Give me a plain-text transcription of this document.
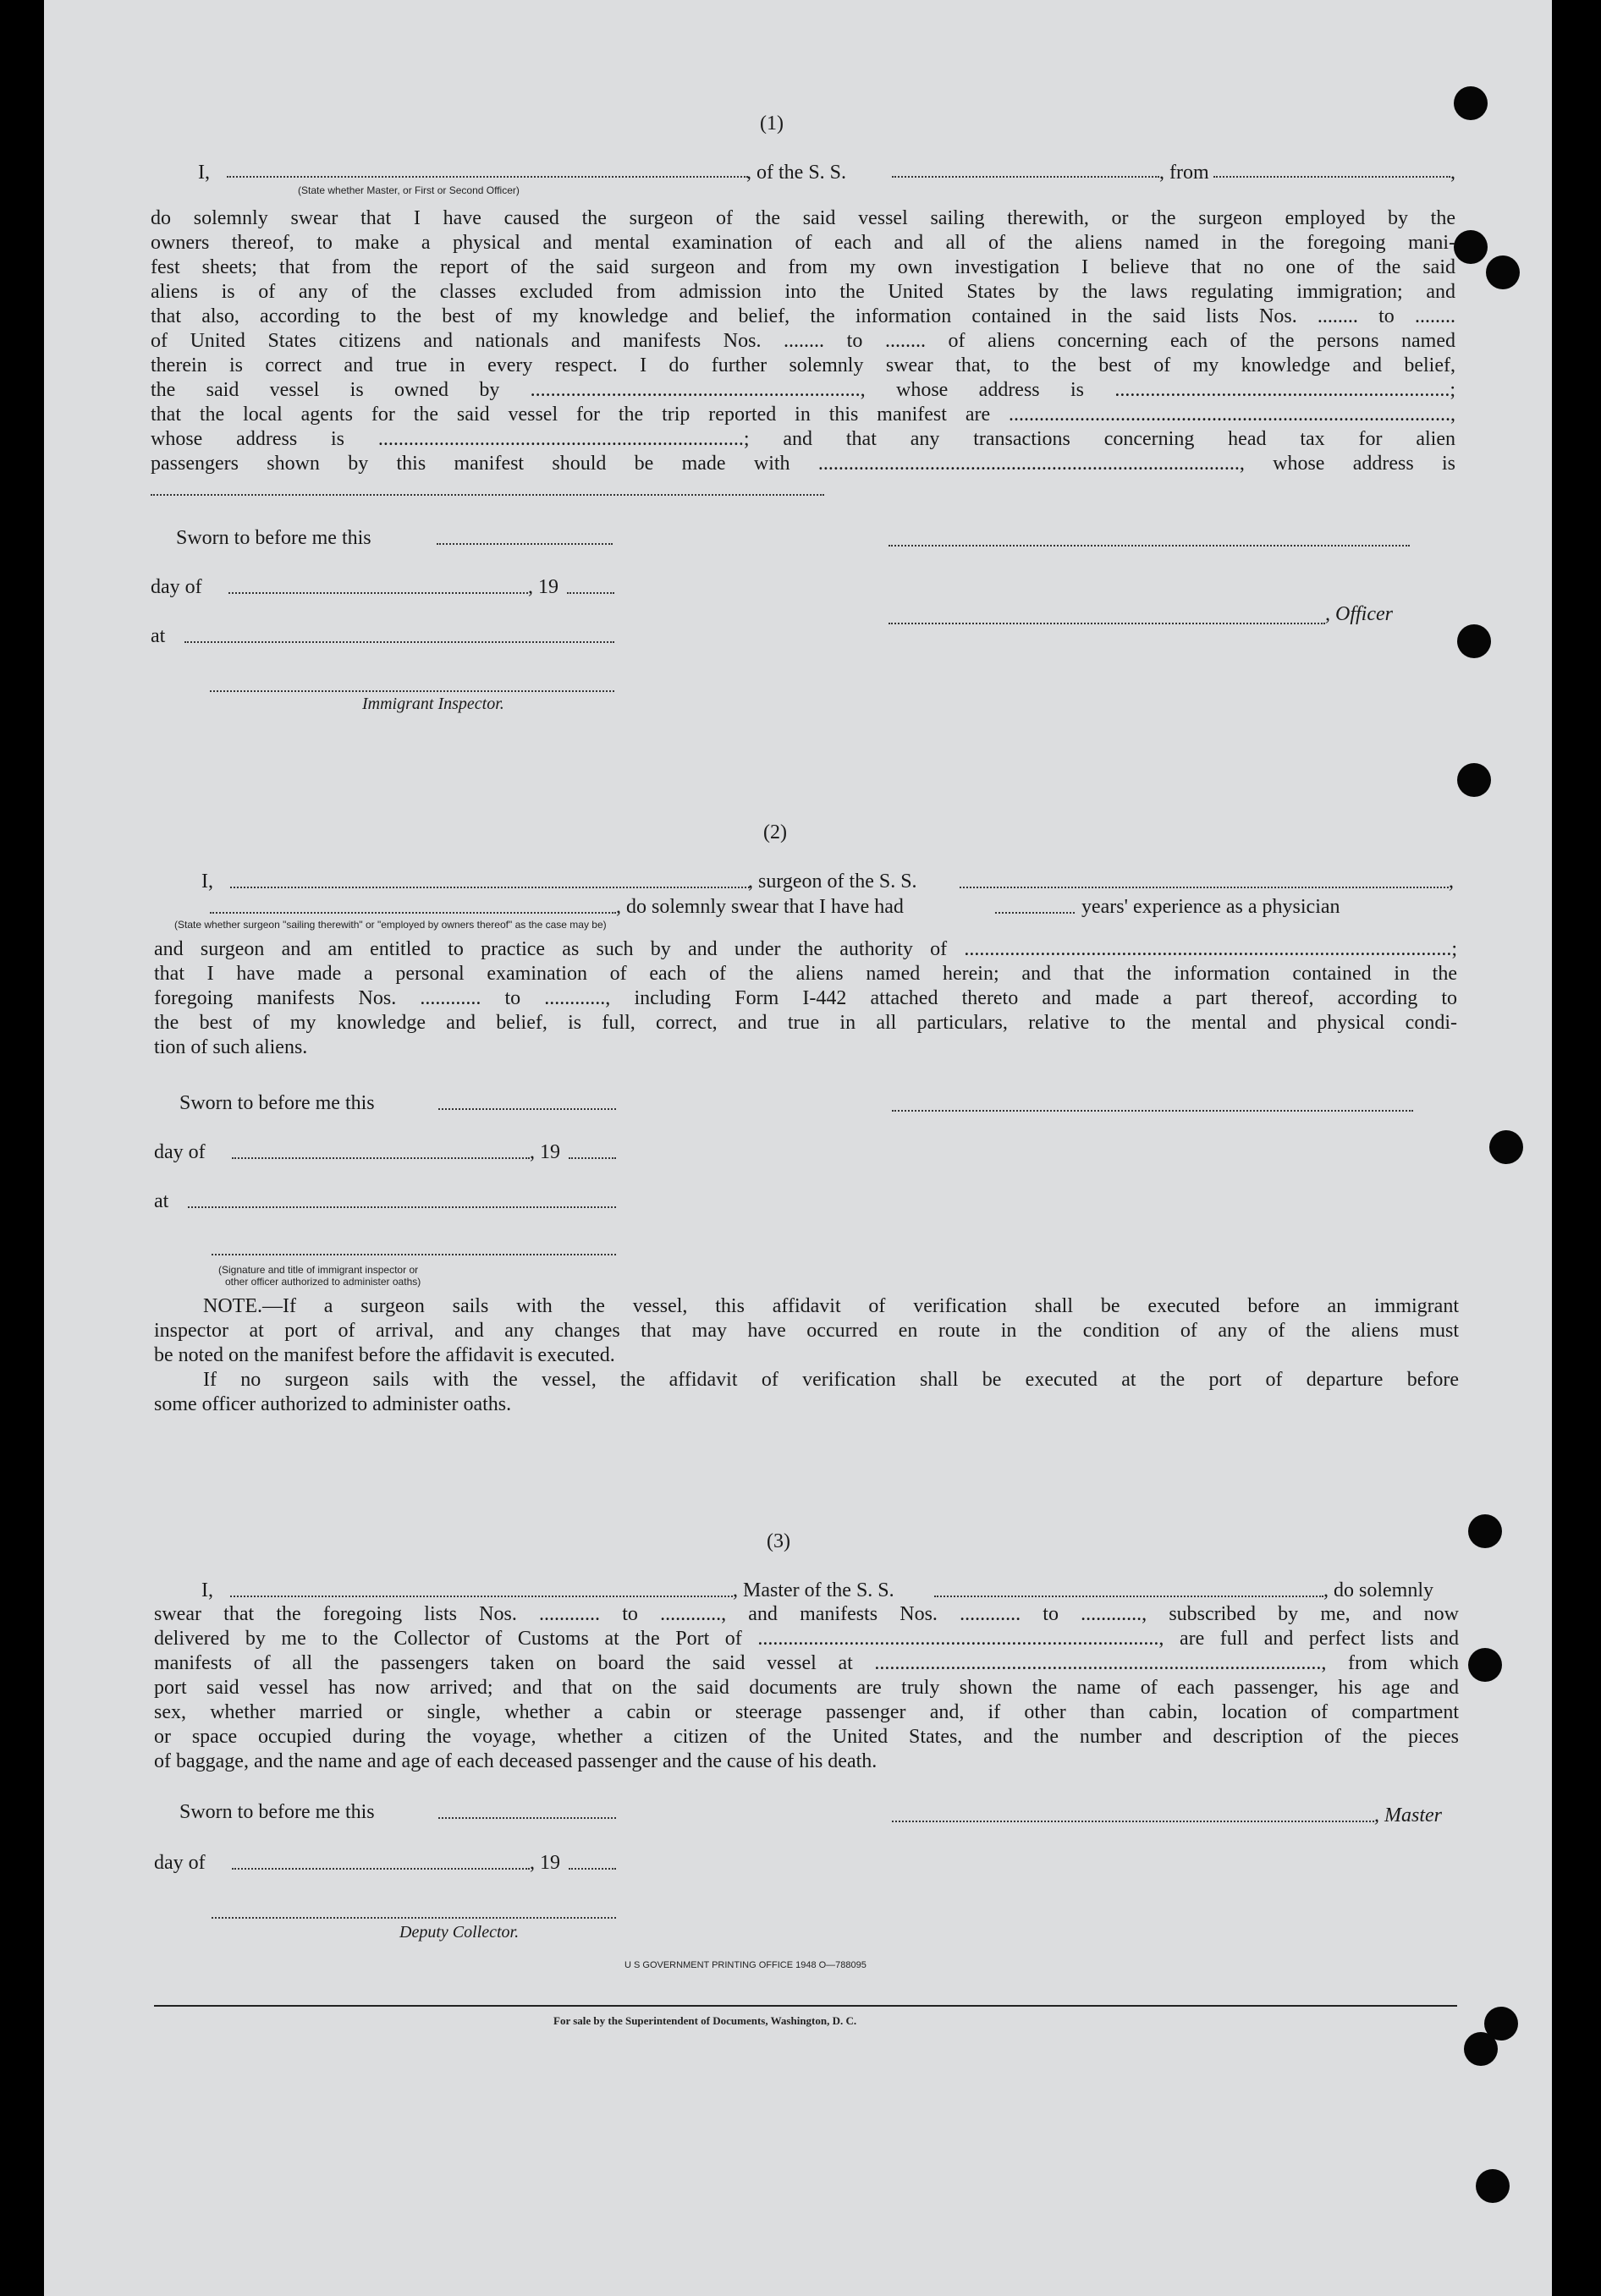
(1)
I,	, of the S. S.	, from	,
(State whether Master, or First or Second Officer)

do solemnly swear that I have caused the surgeon of the said vessel sailing therewith, or the surgeon employed by the

owners thereof, to make a physical and mental examination of each and all of the aliens named in the foregoing mani-

fest sheets; that from the report of the said surgeon and from my own investigation I believe that no one of the said

aliens is of any of the classes excluded from admission into the United States by the laws regulating immigration; and

that also, according to the best of my knowledge and belief, the information contained in the said lists Nos. ........ to ........

of United States citizens and nationals and manifests Nos. ........ to ........ of aliens concerning each of the persons named

therein is correct and true in every respect. I do further solemnly swear that, to the best of my knowledge and belief,

the said vessel is owned by ................................................................., whose address is ..................................................................;

that the local agents for the said vessel for the trip reported in this manifest are .......................................................................................,

whose address is ........................................................................; and that any transactions concerning head tax for alien

passengers shown by this manifest should be made with ..................................................................................., whose address is

Sworn to before me this
day of	, 19
, Officer
at
Immigrant Inspector.
(2)
I,	, surgeon of the S. S.	,
, do solemnly swear that I have had	years' experience as a physician
(State whether surgeon "sailing therewith" or "employed by owners thereof" as the case may be)

and surgeon and am entitled to practice as such by and under the authority of ................................................................................................;

that I have made a personal examination of each of the aliens named herein; and that the information contained in the

foregoing manifests Nos. ............ to ............, including Form I-442 attached thereto and made a part thereof, according to

the best of my knowledge and belief, is full, correct, and true in all particulars, relative to the mental and physical condi-

tion of such aliens.

Sworn to before me this
day of	, 19
at
(Signature and title of immigrant inspector or
other officer authorized to administer oaths)

NOTE.—If a surgeon sails with the vessel, this affidavit of verification shall be executed before an immigrant

inspector at port of arrival, and any changes that may have occurred en route in the condition of any of the aliens must

be noted on the manifest before the affidavit is executed.

If no surgeon sails with the vessel, the affidavit of verification shall be executed at the port of departure before

some officer authorized to administer oaths.

(3)
I,	, Master of the S. S.	, do solemnly

swear that the foregoing lists Nos. ............ to ............, and manifests Nos. ............ to ............, subscribed by me, and now

delivered by me to the Collector of Customs at the Port of ..............................................................................., are full and perfect lists and

manifests of all the passengers taken on board the said vessel at ........................................................................................, from which

port said vessel has now arrived; and that on the said documents are truly shown the name of each passenger, his age and

sex, whether married or single, whether a cabin or steerage passenger and, if other than cabin, location of compartment

or space occupied during the voyage, whether a citizen of the United States, and the number and description of the pieces

of baggage, and the name and age of each deceased passenger and the cause of his death.

Sworn to before me this	, Master
day of	, 19
Deputy Collector.
U S GOVERNMENT PRINTING OFFICE 1948 O—788095
For sale by the Superintendent of Documents, Washington, D. C.
